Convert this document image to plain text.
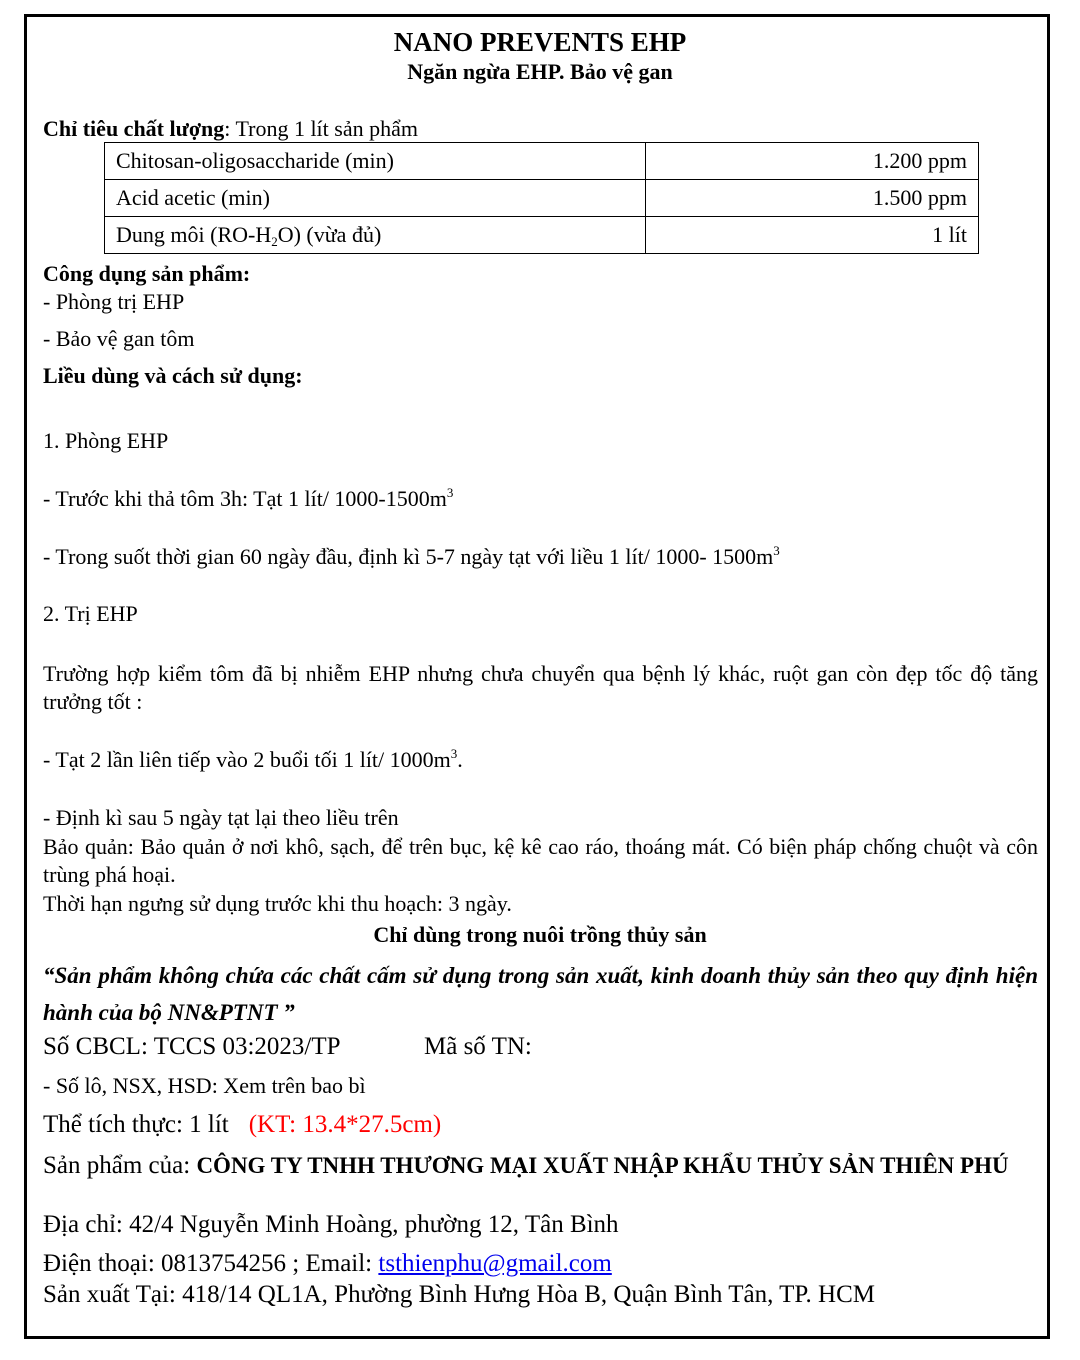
NANO PREVENTS EHP
Ngăn ngừa EHP. Bảo vệ gan
Chỉ tiêu chất lượng: Trong 1 lít sản phẩm
Chitosan-oligosaccharide (min)	1.200 ppm
Acid acetic (min)	1.500 ppm
Dung môi $(RO-H_2O)$ (vừa đủ)	1 lít
Công dụng sản phẩm:
- Phòng trị EHP
- Bảo vệ gan tôm
Liều dùng và cách sử dụng:
1. Phòng EHP
- Trước khi thả tôm 3h: Tạt 1 lít/ $1000-1500m^3$
- Trong suốt thời gian 60 ngày đầu, định kì 5-7 ngày tạt với liều 1 lít/ 1000- $1500m^3$
2. Trị EHP
Trường hợp kiểm tôm đã bị nhiễm EHP nhưng chưa chuyển qua bệnh lý khác, ruột gan còn đẹp tốc độ tăng trưởng tốt :
- Tạt 2 lần liên tiếp vào 2 buổi tối 1 lít/ $1000m^3$.
- Định kì sau 5 ngày tạt lại theo liều trên
Bảo quản: Bảo quản ở nơi khô, sạch, để trên bục, kệ kê cao ráo, thoáng mát. Có biện pháp chống chuột và côn trùng phá hoại.
Thời hạn ngưng sử dụng trước khi thu hoạch: 3 ngày.
Chỉ dùng trong nuôi trồng thủy sản
“Sản phẩm không chứa các chất cấm sử dụng trong sản xuất, kinh doanh thủy sản theo quy định hiện hành của bộ NN&PTNT ”
Số CBCL: TCCS 03:2023/TP	Mã số TN:
- Số lô, NSX, HSD: Xem trên bao bì
Thể tích thực: 1 lít (KT: 13.4*27.5cm)
Sản phẩm của: CÔNG TY TNHH THƯƠNG MẠI XUẤT NHẬP KHẨU THỦY SẢN THIÊN PHÚ
Địa chỉ: 42/4 Nguyễn Minh Hoàng, phường 12, Tân Bình
Điện thoại: 0813754256 ; Email: tsthienphu@gmail.com
Sản xuất Tại: 418/14 QL1A, Phường Bình Hưng Hòa B, Quận Bình Tân, TP. HCM
